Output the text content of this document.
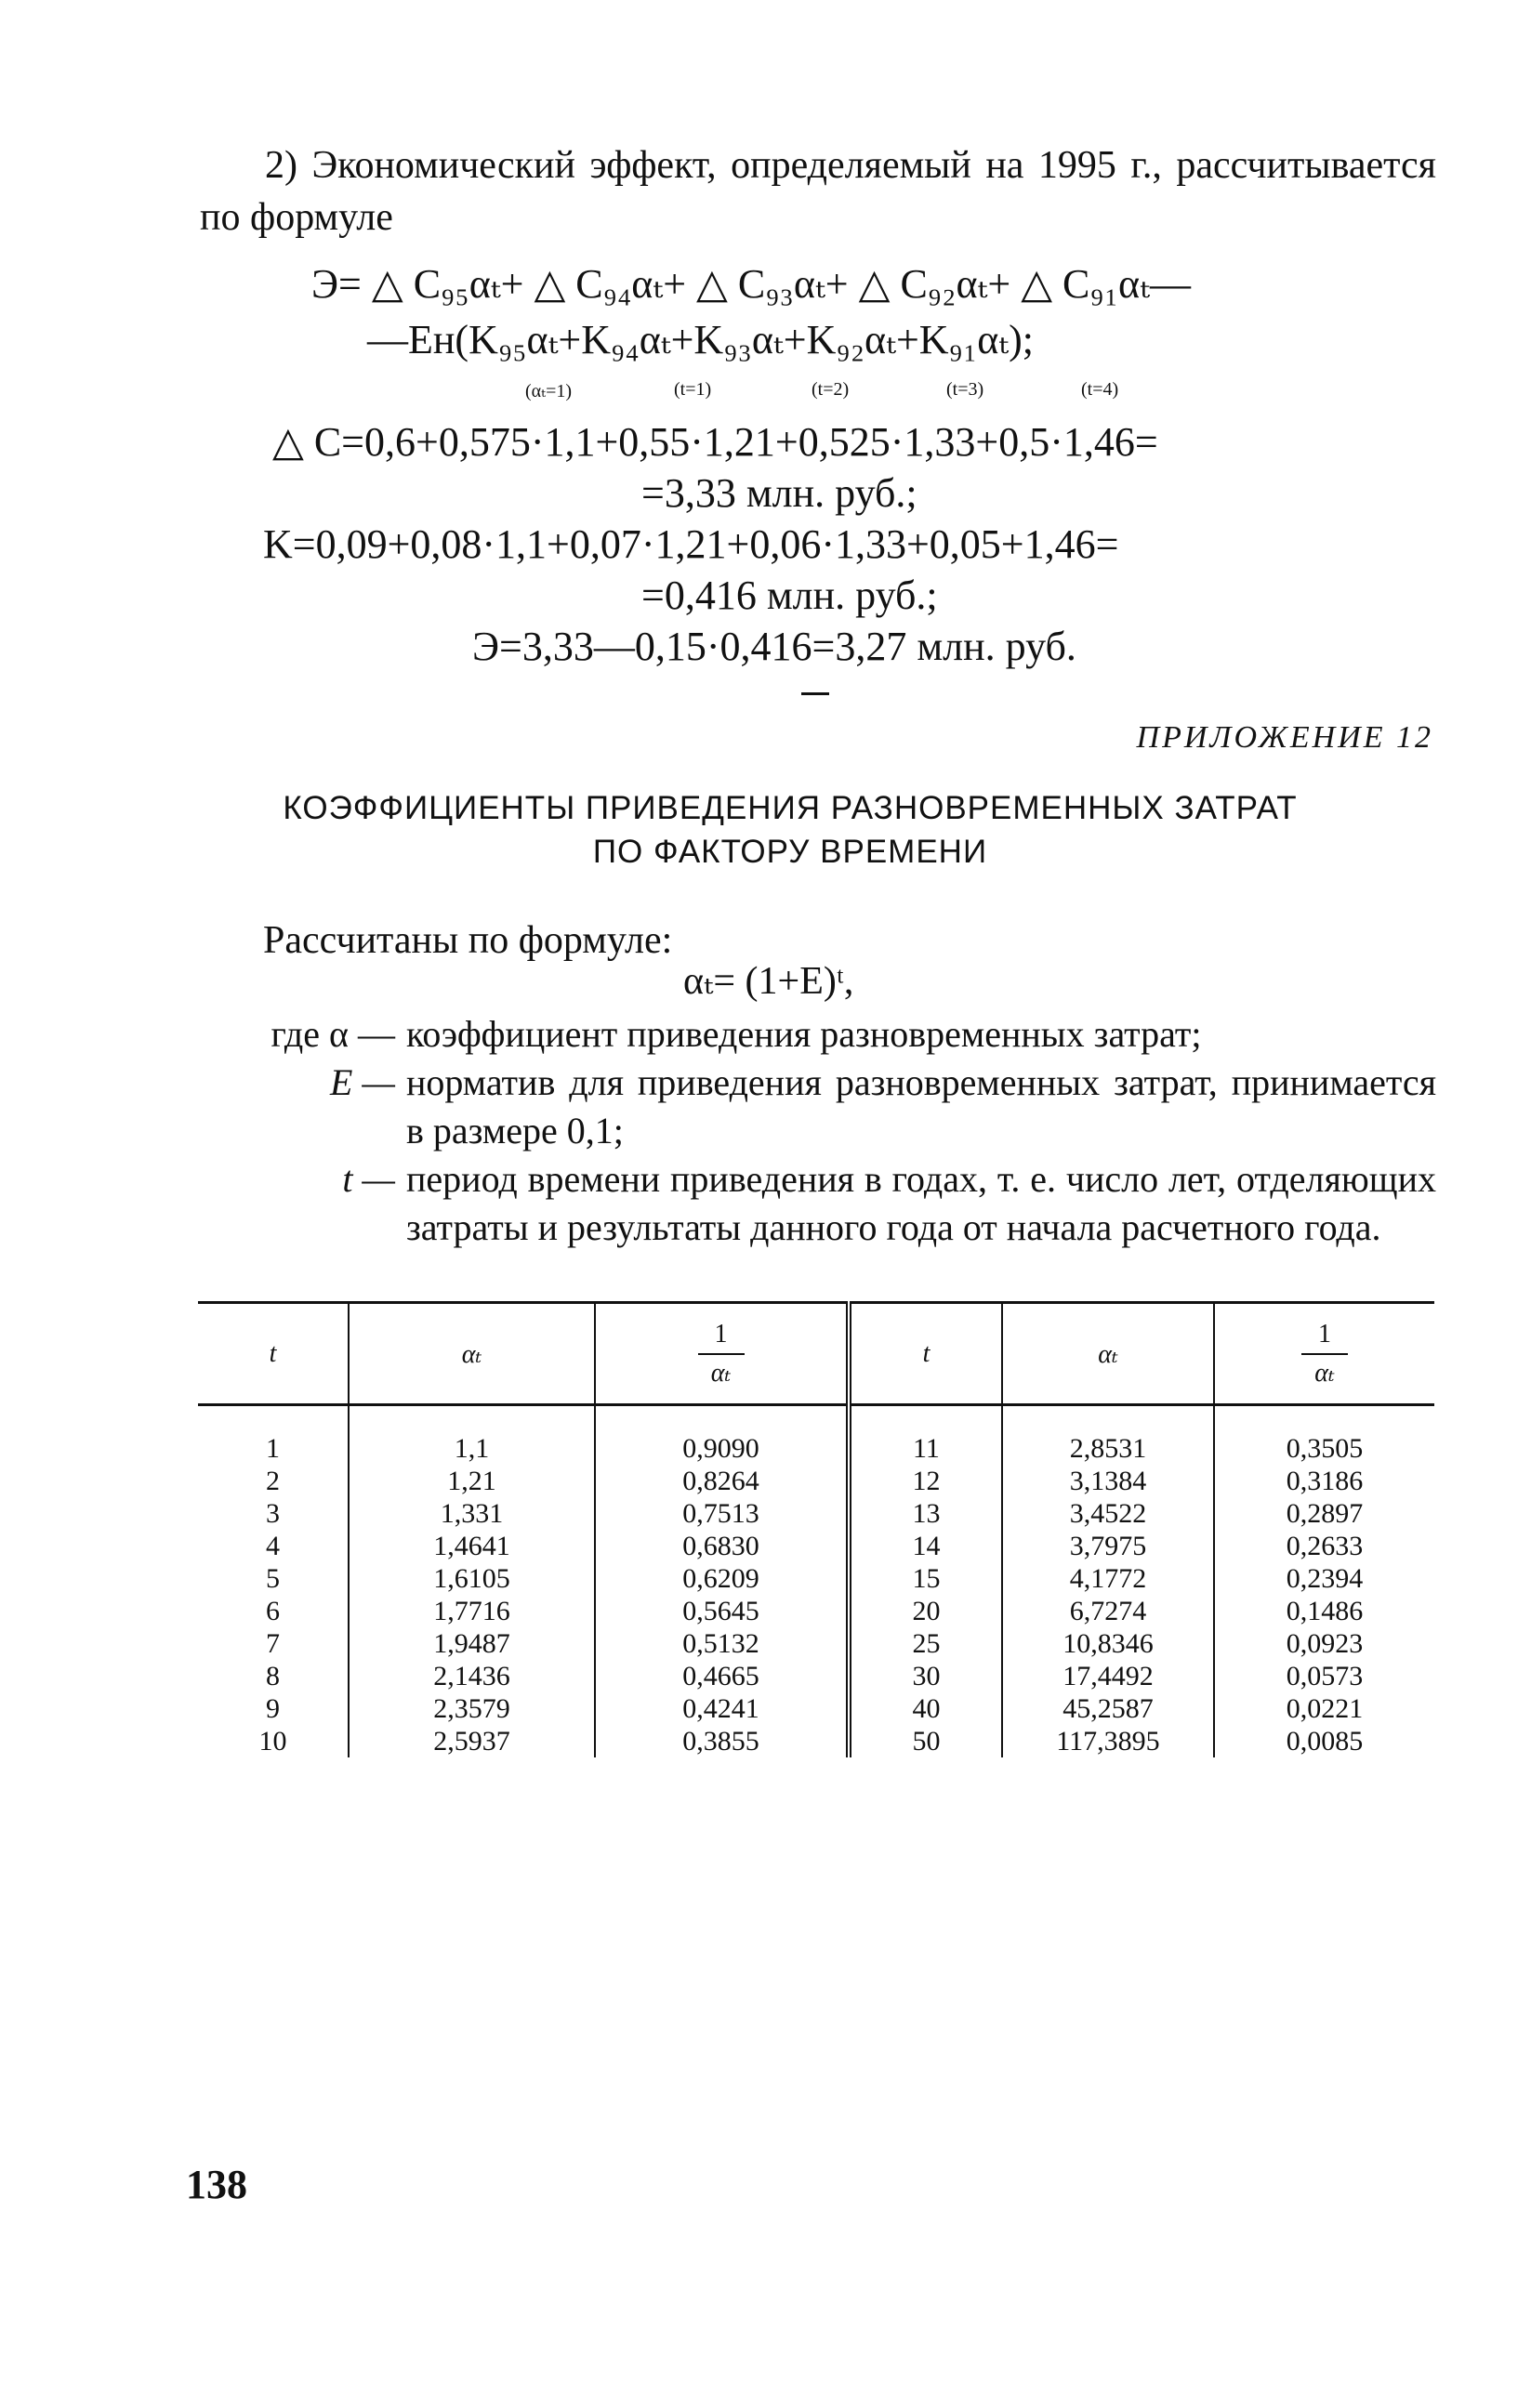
2) Экономический эффект, определяемый на 1995 г., рассчитывается по формуле

Э= △ C₉₅αₜ+ △ C₉₄αₜ+ △ C₉₃αₜ+ △ C₉₂αₜ+ △ C₉₁αₜ—
—Eн(K₉₅αₜ+K₉₄αₜ+K₉₃αₜ+K₉₂αₜ+K₉₁αₜ);
(αₜ=1)	(t=1)	(t=2)	(t=3)	(t=4)
△ C=0,6+0,575·1,1+0,55·1,21+0,525·1,33+0,5·1,46=
=3,33 млн. руб.;
K=0,09+0,08·1,1+0,07·1,21+0,06·1,33+0,05+1,46=
=0,416 млн. руб.;
Э=3,33—0,15·0,416=3,27 млн. руб.
ПРИЛОЖЕНИЕ 12
КОЭФФИЦИЕНТЫ ПРИВЕДЕНИЯ РАЗНОВРЕМЕННЫХ ЗАТРАТ
ПО ФАКТОРУ ВРЕМЕНИ
Рассчитаны по формуле:
αₜ= (1+E)ᵗ,
где α — коэффициент приведения разновременных затрат;
E — норматив для приведения разновременных затрат, принимается в размере 0,1;
t — период времени приведения в годах, т. е. число лет, отделяющих затраты и результаты данного года от начала расчетного года.
t	αₜ	$\frac{1}{\text{αₜ}}$	t	αₜ	$\frac{1}{\text{αₜ}}$

1	1,1	0,9090	11	2,8531	0,3505
2	1,21	0,8264	12	3,1384	0,3186
3	1,331	0,7513	13	3,4522	0,2897
4	1,4641	0,6830	14	3,7975	0,2633
5	1,6105	0,6209	15	4,1772	0,2394
6	1,7716	0,5645	20	6,7274	0,1486
7	1,9487	0,5132	25	10,8346	0,0923
8	2,1436	0,4665	30	17,4492	0,0573
9	2,3579	0,4241	40	45,2587	0,0221
10	2,5937	0,3855	50	117,3895	0,0085
138
